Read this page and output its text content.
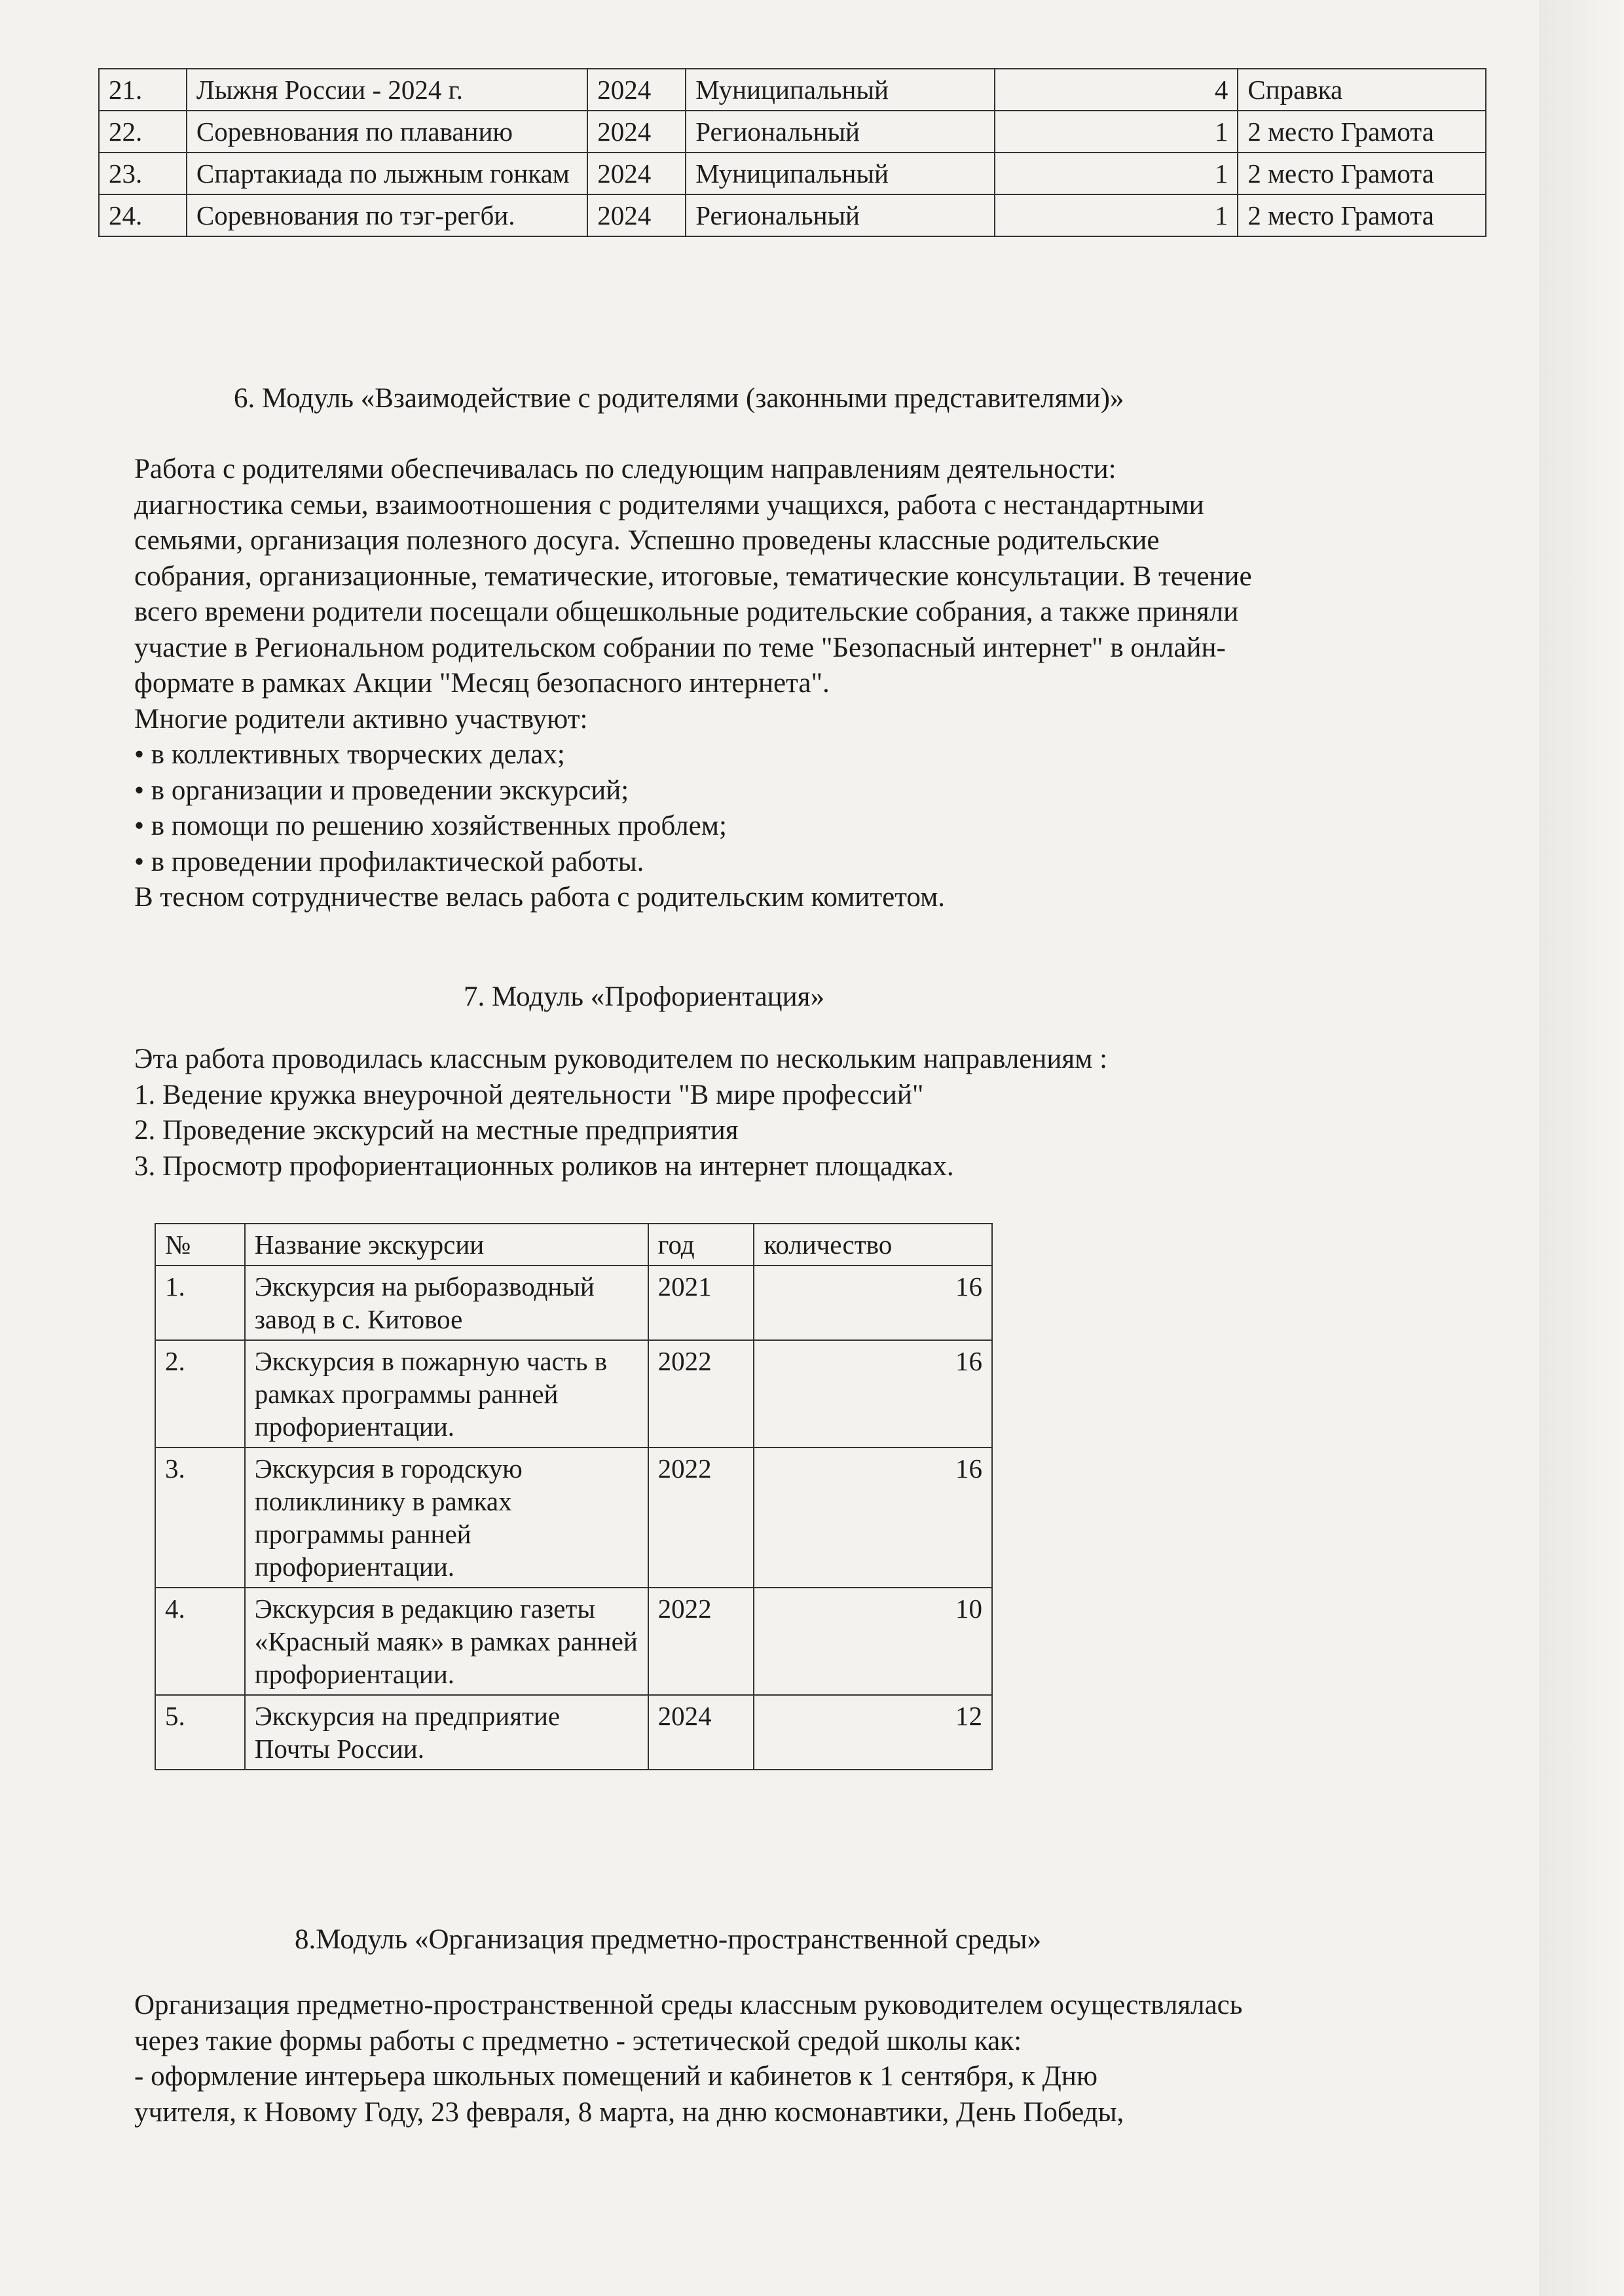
21.	Лыжня России - 2024 г.	2024	Муниципальный	4	Справка
22.	Соревнования по плаванию	2024	Региональный	1	2 место Грамота
23.	Спартакиада по лыжным гонкам	2024	Муниципальный	1	2 место Грамота
24.	Соревнования по тэг-регби.	2024	Региональный	1	2 место Грамота
6. Модуль «Взаимодействие с родителями (законными представителями)»

Работа с родителями обеспечивалась по следующим направлениям деятельности:

диагностика семьи, взаимоотношения с родителями учащихся, работа с нестандартными

семьями, организация полезного досуга. Успешно проведены классные родительские

собрания, организационные, тематические, итоговые, тематические консультации. В течение

всего времени родители посещали общешкольные родительские собрания, а также приняли

участие в Региональном родительском собрании по теме "Безопасный интернет" в онлайн-

формате в рамках Акции "Месяц безопасного интернета".

Многие родители активно участвуют:

• в коллективных творческих делах;

• в организации и проведении экскурсий;

• в помощи по решению хозяйственных проблем;

• в проведении профилактической работы.

В тесном сотрудничестве велась работа с родительским комитетом.

7. Модуль «Профориентация»

Эта работа проводилась классным руководителем по нескольким направлениям :

1. Ведение кружка внеурочной деятельности "В мире профессий"

2. Проведение экскурсий на местные предприятия

3. Просмотр профориентационных роликов на интернет площадках.

№	Название экскурсии	год	количество
1.	Экскурсия на рыборазводный завод в с. Китовое	2021	16
2.	Экскурсия в пожарную часть в рамках программы ранней профориентации.	2022	16
3.	Экскурсия в городскую поликлинику в рамках программы ранней профориентации.	2022	16
4.	Экскурсия в редакцию газеты «Красный маяк» в рамках ранней профориентации.	2022	10
5.	Экскурсия на предприятие Почты России.	2024	12
8.Модуль «Организация предметно-пространственной среды»

Организация предметно-пространственной среды классным руководителем осуществлялась

через такие формы работы с предметно - эстетической средой школы как:

- оформление интерьера школьных помещений и кабинетов к 1 сентября, к Дню

учителя, к Новому Году, 23 февраля, 8 марта, на дню космонавтики, День Победы,
